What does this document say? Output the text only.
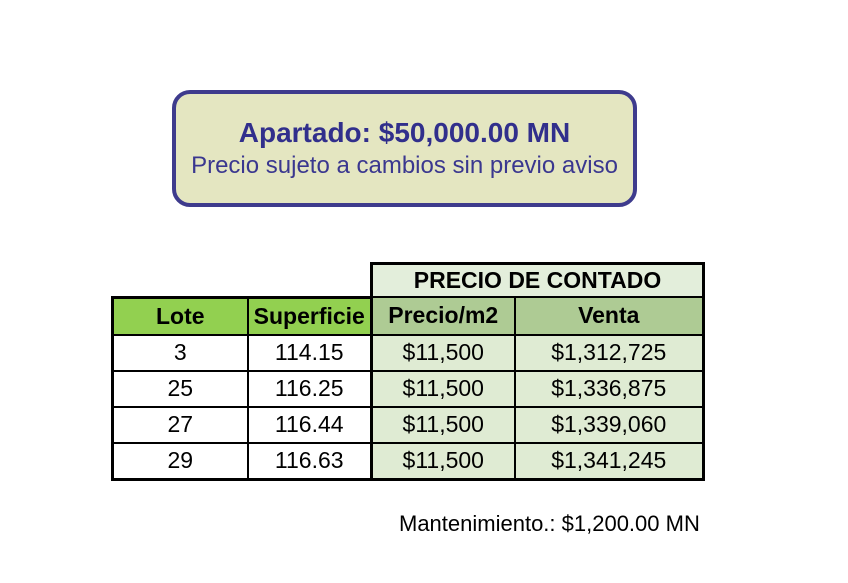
Apartado: $50,000.00 MN
Precio sujeto a cambios sin previo aviso
		PRECIO DE CONTADO	
Lote	Superficie	Precio/m2	Venta
3	114.15	$11,500	$1,312,725
25	116.25	$11,500	$1,336,875
27	116.44	$11,500	$1,339,060
29	116.63	$11,500	$1,341,245
Mantenimiento.: $1,200.00 MN
